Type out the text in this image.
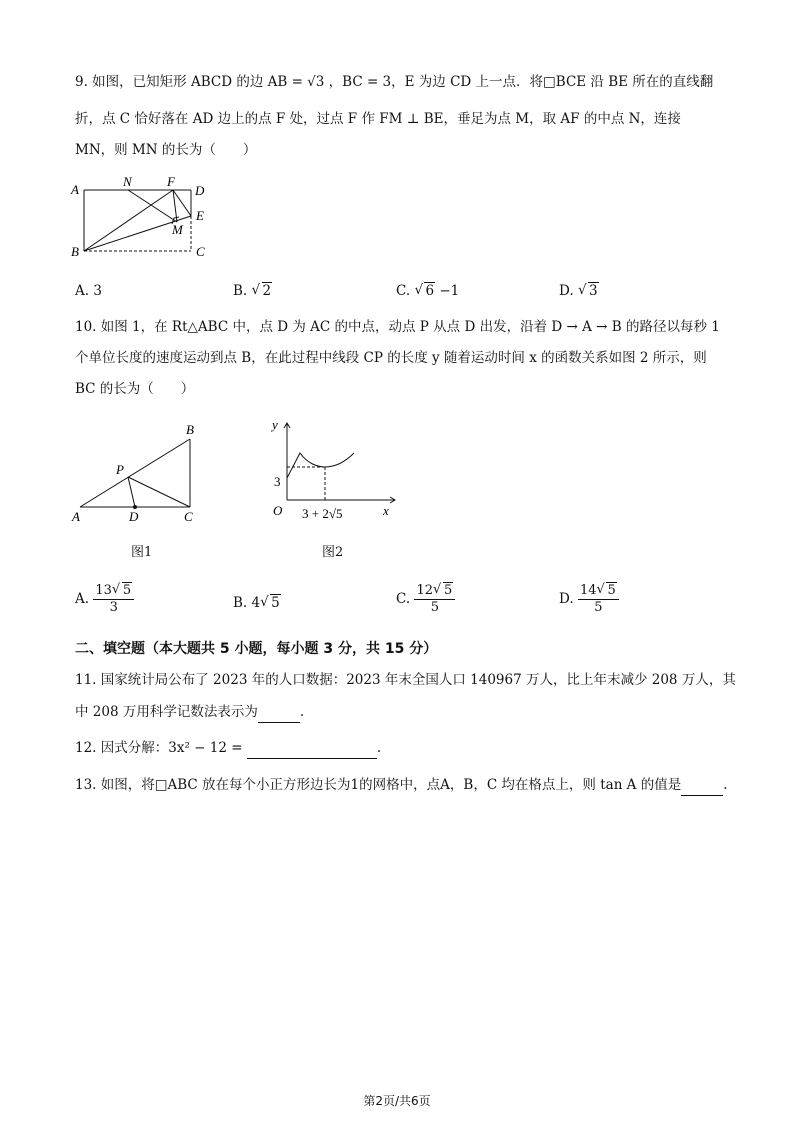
9. 如图，已知矩形 ABCD 的边 AB = √3 ，BC = 3，E 为边 CD 上一点．将□BCE 沿 BE 所在的直线翻
折，点 C 恰好落在 AD 边上的点 F 处，过点 F 作 FM ⊥ BE，垂足为点 M，取 AF 的中点 N，连接
MN，则 MN 的长为（　　）
A
N	F
D
E
M
B	C
A. 3	B. √ 2	C. √ 6 −1	D. √ 3
10. 如图 1，在 Rt△ABC 中，点 D 为 AC 的中点，动点 P 从点 D 出发，沿着 D → A → B 的路径以每秒 1
个单位长度的速度运动到点 B，在此过程中线段 CP 的长度 y 随着运动时间 x 的函数关系如图 2 所示，则
BC 的长为（　　）
B
P
A	D	C
图1
y
3
O 3 + 2√5	x
图2
A. $\frac{13 √ 5}{3}$	B. 4 √ 5	C. $\frac{12 √ 5}{5}$	D. $\frac{14 √ 5}{5}$
二、填空题（本大题共 5 小题，每小题 3 分，共 15 分）
11. 国家统计局公布了 2023 年的人口数据：2023 年末全国人口 140967 万人，比上年末减少 208 万人，其
中 208 万用科学记数法表示为	.
12. 因式分解：3x² − 12 =	.
13. 如图，将□ABC 放在每个小正方形边长为1的网格中，点A，B，C 均在格点上，则 tan A 的值是	.
第2页/共6页
